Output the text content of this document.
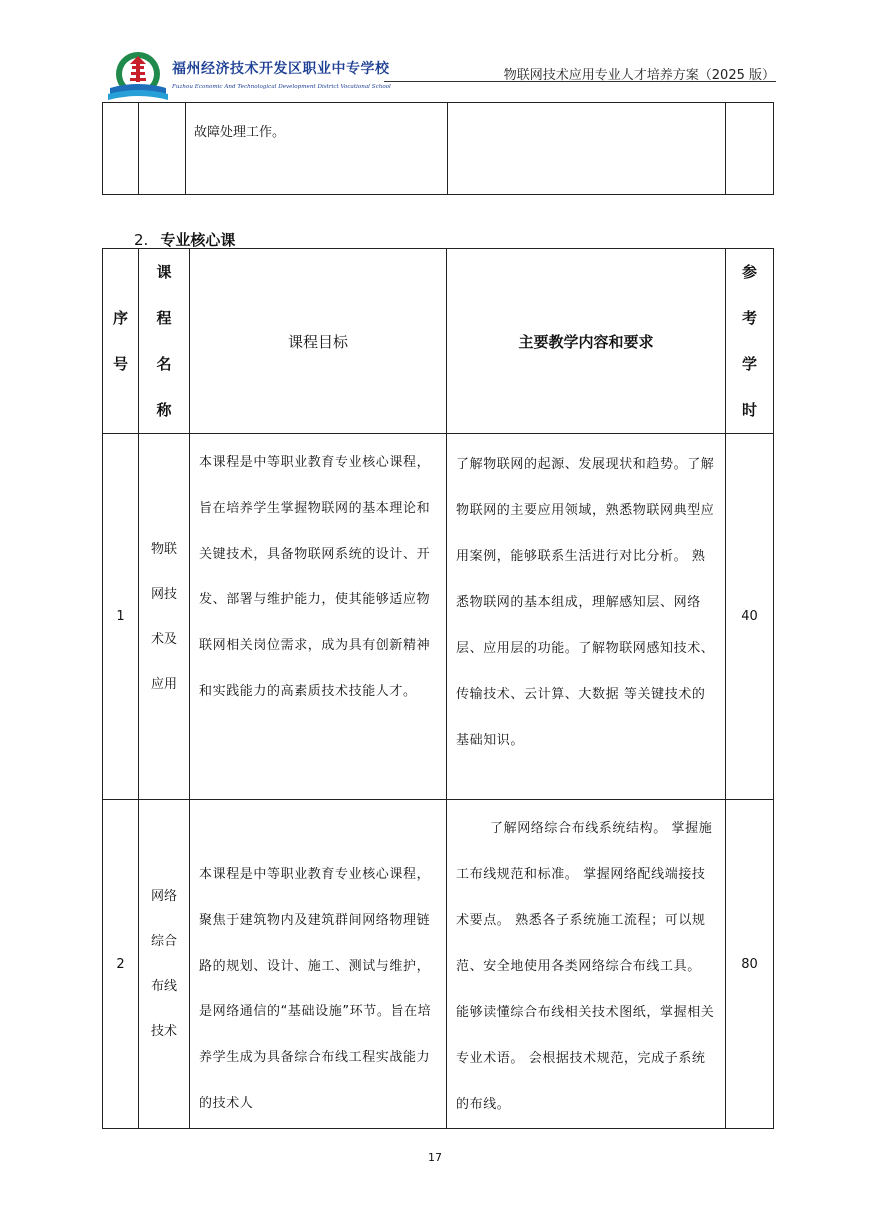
福州经济技术开发区职业中专学校
Fuzhou Economic And Technological Development District Vocational School
物联网技术应用专业人才培养方案（2025 版）

故障处理工作。

2. 专业核心课
序
号	课
程
名
称	课程目标	主要教学内容和要求	参
考
学
时

1	物联
网技
术及
应用	本课程是中等职业教育专业核心课程，旨在培养学生掌握物联网的基本理论和关键技术，具备物联网系统的设计、开发、部署与维护能力，使其能够适应物联网相关岗位需求，成为具有创新精神和实践能力的高素质技术技能人才。	了解物联网的起源、发展现状和趋势。了解物联网的主要应用领域，熟悉物联网典型应用案例，能够联系生活进行对比分析。 熟悉物联网的基本组成，理解感知层、网络层、应用层的功能。了解物联网感知技术、传输技术、云计算、大数据 等关键技术的基础知识。	40
2	网络
综合
布线
技术	本课程是中等职业教育专业核心课程，聚焦于建筑物内及建筑群间网络物理链路的规划、设计、施工、测试与维护，是网络通信的“基础设施”环节。旨在培养学生成为具备综合布线工程实战能力的技术人	了解网络综合布线系统结构。 掌握施工布线规范和标准。 掌握网络配线端接技术要点。 熟悉各子系统施工流程；可以规范、安全地使用各类网络综合布线工具。 能够读懂综合布线相关技术图纸，掌握相关专业术语。 会根据技术规范，完成子系统的布线。	80
17
